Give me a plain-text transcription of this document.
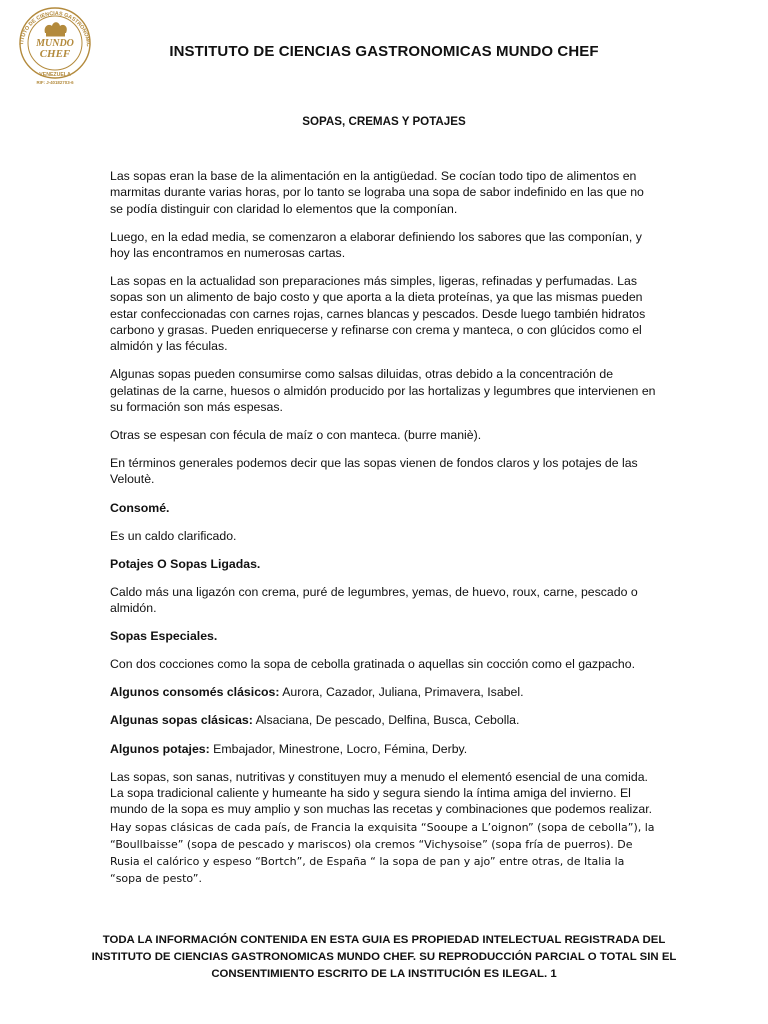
TITUTO DE CIENCIAS GASTRONOMIC
MUNDO
CHEF
VENEZUELA
RIF: J-40182703-6
INSTITUTO DE CIENCIAS GASTRONOMICAS MUNDO CHEF
SOPAS, CREMAS Y POTAJES

Las sopas eran la base de la alimentación en la antigüedad. Se cocían todo tipo de alimentos en marmitas durante varias horas, por lo tanto se lograba una sopa de sabor indefinido en las que no se podía distinguir con claridad lo elementos que la componían.

Luego, en la edad media, se comenzaron a elaborar definiendo los sabores que las componían, y hoy las encontramos en numerosas cartas.

Las sopas en la actualidad son preparaciones más simples, ligeras, refinadas y perfumadas. Las sopas son un alimento de bajo costo y que aporta a la dieta proteínas, ya que las mismas pueden estar confeccionadas con carnes rojas, carnes blancas y pescados. Desde luego también hidratos carbono y grasas. Pueden enriquecerse y refinarse con crema y manteca, o con glúcidos como el almidón y las féculas.

Algunas sopas pueden consumirse como salsas diluidas, otras debido a la concentración de gelatinas de la carne, huesos o almidón producido por las hortalizas y legumbres que intervienen en su formación son más espesas.

Otras se espesan con fécula de maíz o con manteca. (burre maniè).

En términos generales podemos decir que las sopas vienen de fondos claros y los potajes de las Veloutè.

Consomé.

Es un caldo clarificado.

Potajes O Sopas Ligadas.

Caldo más una ligazón con crema, puré de legumbres, yemas, de huevo, roux, carne, pescado o almidón.

Sopas Especiales.

Con dos cocciones como la sopa de cebolla gratinada o aquellas sin cocción como el gazpacho.

Algunos consomés clásicos: Aurora, Cazador, Juliana, Primavera, Isabel.

Algunas sopas clásicas: Alsaciana, De pescado, Delfina, Busca, Cebolla.

Algunos potajes: Embajador, Minestrone, Locro, Fémina, Derby.

Las sopas, son sanas, nutritivas y constituyen muy a menudo el elementó esencial de una comida. La sopa tradicional caliente y humeante ha sido y segura siendo la íntima amiga del invierno. El mundo de la sopa es muy amplio y son muchas las recetas y combinaciones que podemos realizar. Hay sopas clásicas de cada país, de Francia la exquisita “Sooupe a L’oignon” (sopa de cebolla”), la “Boullbaisse” (sopa de pescado y mariscos) ola cremos “Vichysoise” (sopa fría de puerros). De Rusia el calórico y espeso “Bortch”, de España “ la sopa de pan y ajo” entre otras, de Italia la “sopa de pesto”.

TODA LA INFORMACIÓN CONTENIDA EN ESTA GUIA ES PROPIEDAD INTELECTUAL REGISTRADA DEL INSTITUTO DE CIENCIAS GASTRONOMICAS MUNDO CHEF. SU REPRODUCCIÓN PARCIAL O TOTAL SIN EL CONSENTIMIENTO ESCRITO DE LA INSTITUCIÓN ES ILEGAL. 1
